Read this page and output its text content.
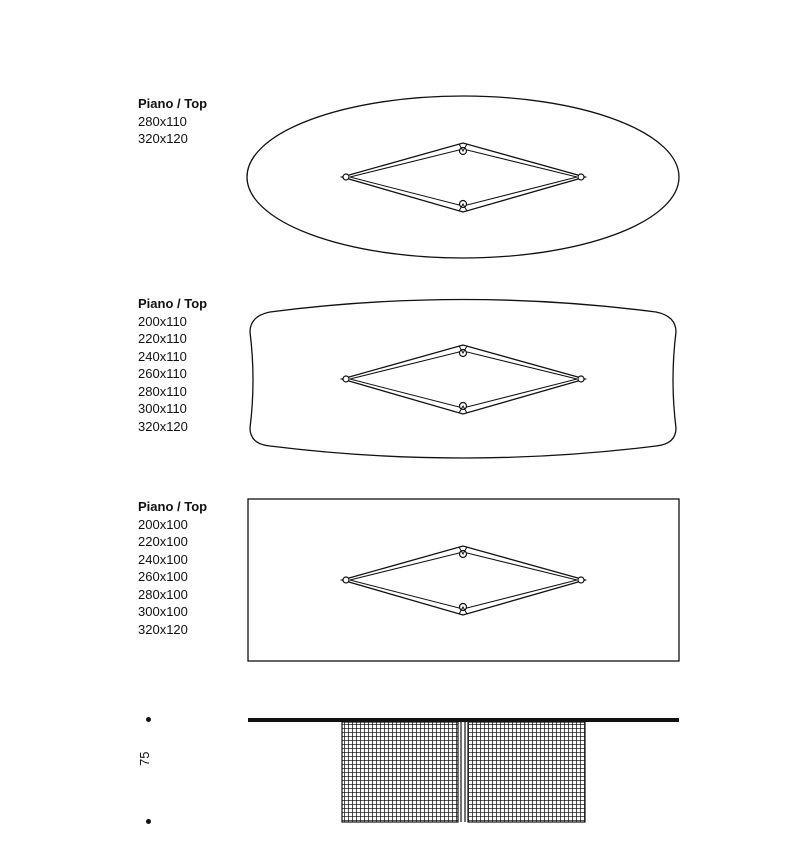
Piano / Top
280x110
320x120
Piano / Top
200x110
220x110
240x110
260x110
280x110
300x110
320x120
Piano / Top
200x100
220x100
240x100
260x100
280x100
300x100
320x120
75
